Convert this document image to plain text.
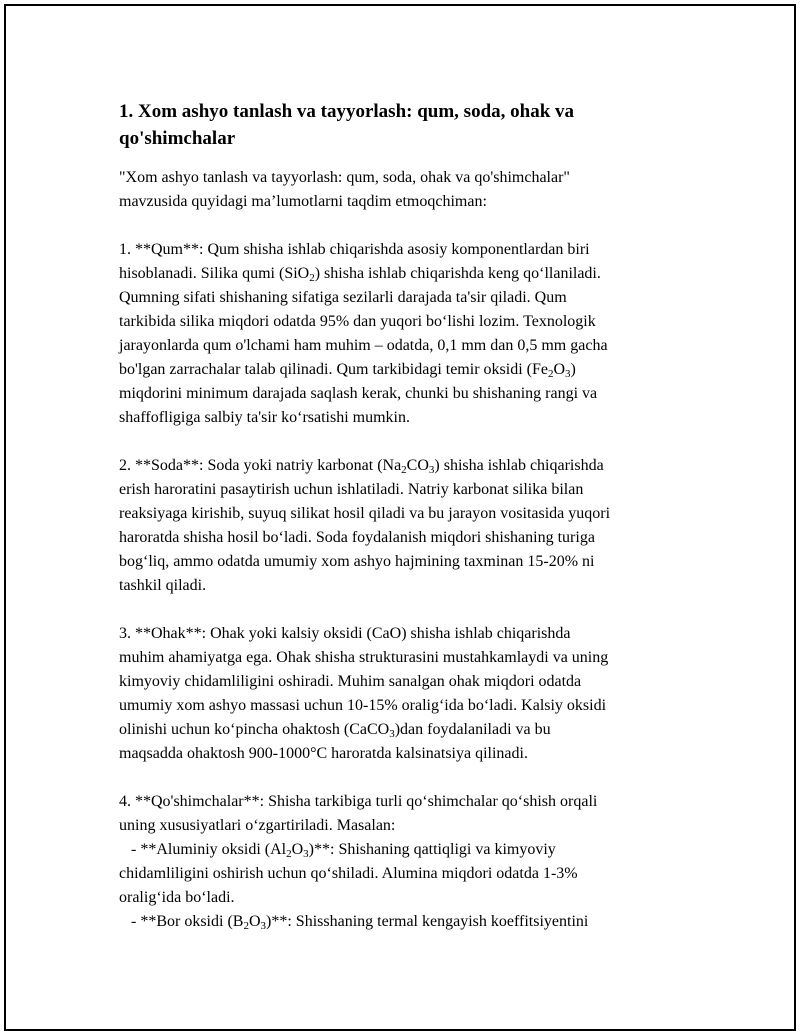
1. Xom ashyo tanlash va tayyorlash: qum, soda, ohak va
qo'shimchalar
"Xom ashyo tanlash va tayyorlash: qum, soda, ohak va qo'shimchalar"
mavzusida quyidagi ma’lumotlarni taqdim etmoqchiman:
1. **Qum**: Qum shisha ishlab chiqarishda asosiy komponentlardan biri
hisoblanadi. Silika qumi (SiO$_2$) shisha ishlab chiqarishda keng qo‘llaniladi.
Qumning sifati shishaning sifatiga sezilarli darajada ta'sir qiladi. Qum
tarkibida silika miqdori odatda 95% dan yuqori bo‘lishi lozim. Texnologik
jarayonlarda qum o'lchami ham muhim – odatda, 0,1 mm dan 0,5 mm gacha
bo'lgan zarrachalar talab qilinadi. Qum tarkibidagi temir oksidi $(Fe_2O_3)$
miqdorini minimum darajada saqlash kerak, chunki bu shishaning rangi va
shaffofligiga salbiy ta'sir ko‘rsatishi mumkin.
2. **Soda**: Soda yoki natriy karbonat $(Na_2CO_3)$ shisha ishlab chiqarishda
erish haroratini pasaytirish uchun ishlatiladi. Natriy karbonat silika bilan
reaksiyaga kirishib, suyuq silikat hosil qiladi va bu jarayon vositasida yuqori
haroratda shisha hosil bo‘ladi. Soda foydalanish miqdori shishaning turiga
bog‘liq, ammo odatda umumiy xom ashyo hajmining taxminan 15-20% ni
tashkil qiladi.
3. **Ohak**: Ohak yoki kalsiy oksidi (CaO) shisha ishlab chiqarishda
muhim ahamiyatga ega. Ohak shisha strukturasini mustahkamlaydi va uning
kimyoviy chidamliligini oshiradi. Muhim sanalgan ohak miqdori odatda
umumiy xom ashyo massasi uchun 10-15% oralig‘ida bo‘ladi. Kalsiy oksidi
olinishi uchun ko‘pincha ohaktosh (CaCO$_3$)dan foydalaniladi va bu
maqsadda ohaktosh 900-1000°C haroratda kalsinatsiya qilinadi.
4. **Qo'shimchalar**: Shisha tarkibiga turli qo‘shimchalar qo‘shish orqali
uning xususiyatlari o‘zgartiriladi. Masalan:
- **Aluminiy oksidi $(Al_2O_3)**$: Shishaning qattiqligi va kimyoviy
chidamliligini oshirish uchun qo‘shiladi. Alumina miqdori odatda 1-3%
oralig‘ida bo‘ladi.
- **Bor oksidi $(B_2O_3)**$: Shisshaning termal kengayish koeffitsiyentini
